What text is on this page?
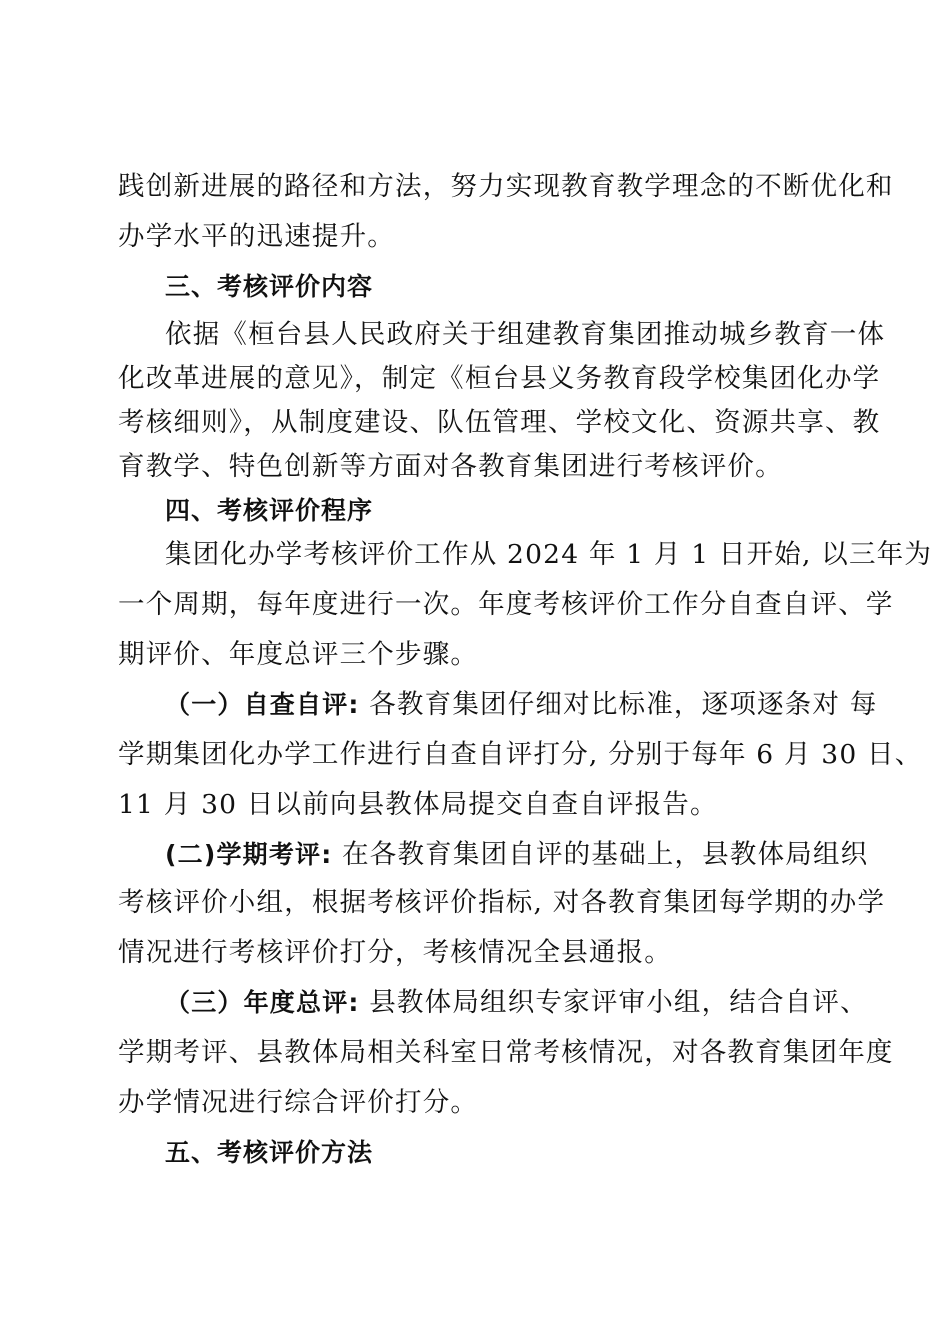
践创新进展的路径和方法，努力实现教育教学理念的不断优化和
办学水平的迅速提升。
三、考核评价内容
依据《桓台县人民政府关于组建教育集团推动城乡教育一体
化改革进展的意见》，制定《桓台县义务教育段学校集团化办学
考核细则》，从制度建设、队伍管理、学校文化、资源共享、教
育教学、特色创新等方面对各教育集团进行考核评价。
四、考核评价程序
集团化办学考核评价工作从 2024 年 1 月 1 日开始, 以三年为
一个周期，每年度进行一次。年度考核评价工作分自查自评、学
期评价、年度总评三个步骤。
（一）自查自评: 各教育集团仔细对比标准，逐项逐条对 每
学期集团化办学工作进行自查自评打分, 分别于每年 6 月 30 日、
11 月 30 日以前向县教体局提交自查自评报告。
(二)学期考评: 在各教育集团自评的基础上，县教体局组织
考核评价小组，根据考核评价指标, 对各教育集团每学期的办学
情况进行考核评价打分，考核情况全县通报。
（三）年度总评: 县教体局组织专家评审小组，结合自评、
学期考评、县教体局相关科室日常考核情况，对各教育集团年度
办学情况进行综合评价打分。
五、考核评价方法
